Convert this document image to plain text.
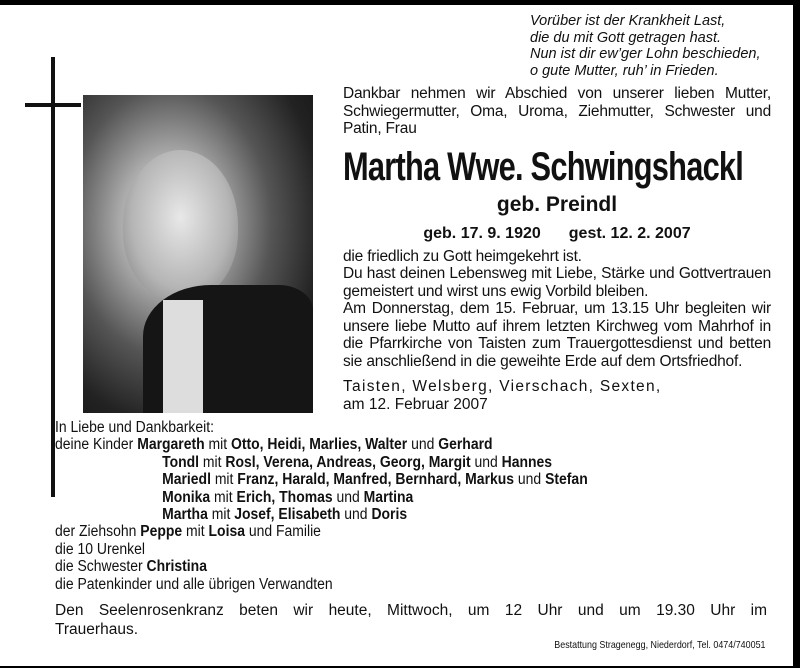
Vorüber ist der Krankheit Last,
die du mit Gott getragen hast.
Nun ist dir ew’ger Lohn beschieden,
o gute Mutter, ruh’ in Frieden.
Dankbar nehmen wir Abschied von unserer lieben Mutter, Schwiegermutter, Oma, Uroma, Ziehmutter, Schwester und Patin, Frau
Martha Wwe. Schwingshackl
geb. Preindl
geb. 17. 9. 1920 gest. 12. 2. 2007
die friedlich zu Gott heimgekehrt ist.
Du hast deinen Lebensweg mit Liebe, Stärke und Gottvertrauen gemeistert und wirst uns ewig Vorbild bleiben.
Am Donnerstag, dem 15. Februar, um 13.15 Uhr begleiten wir unsere liebe Mutto auf ihrem letzten Kirchweg vom Mahrhof in die Pfarrkirche von Taisten zum Trauergottesdienst und betten sie anschließend in die geweihte Erde auf dem Ortsfriedhof.
Taisten, Welsberg, Vierschach, Sexten,
am 12. Februar 2007
In Liebe und Dankbarkeit:
deine Kinder Margareth mit Otto, Heidi, Marlies, Walter und Gerhard
Tondl mit Rosl, Verena, Andreas, Georg, Margit und Hannes
Mariedl mit Franz, Harald, Manfred, Bernhard, Markus und Stefan
Monika mit Erich, Thomas und Martina
Martha mit Josef, Elisabeth und Doris
der Ziehsohn Peppe mit Loisa und Familie
die 10 Urenkel
die Schwester Christina
die Patenkinder und alle übrigen Verwandten
Den Seelenrosenkranz beten wir heute, Mittwoch, um 12 Uhr und um 19.30 Uhr im
Trauerhaus.
Bestattung Stragenegg, Niederdorf, Tel. 0474/740051
